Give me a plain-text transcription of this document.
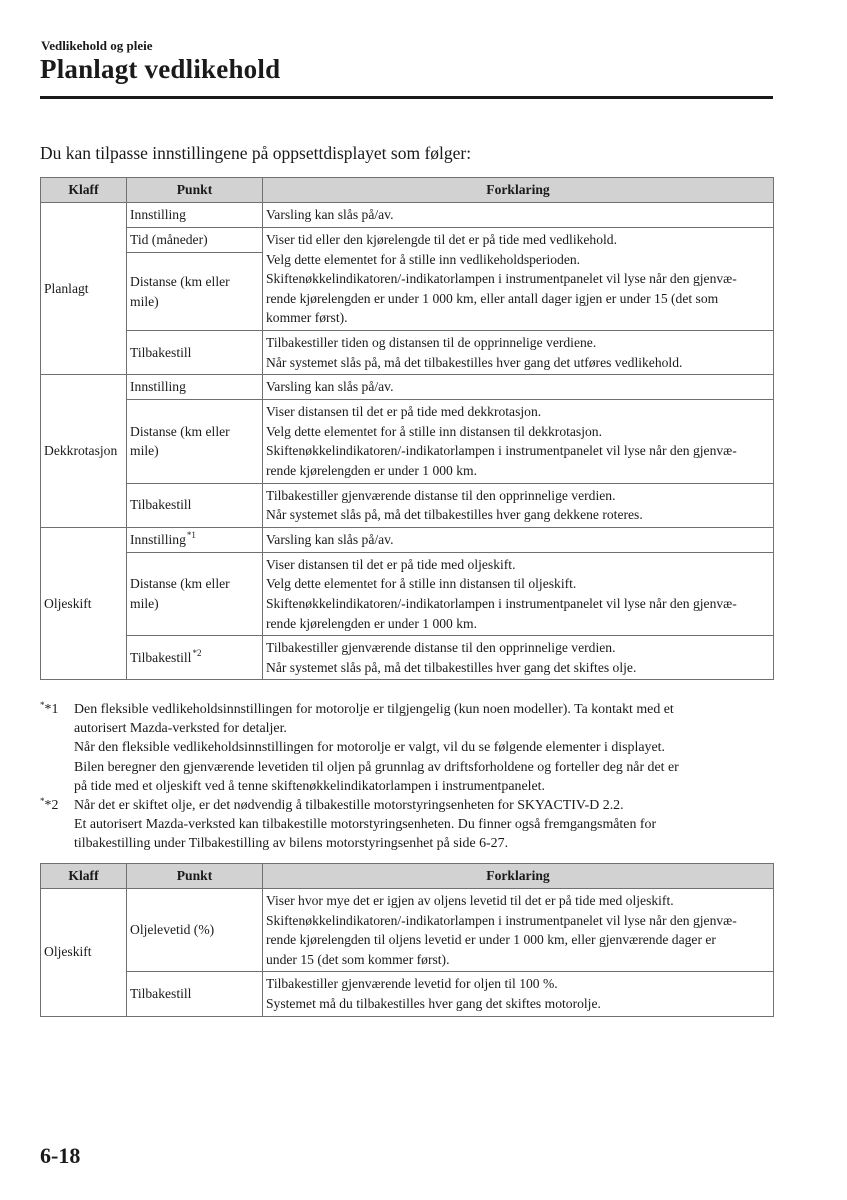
Vedlikehold og pleie
Planlagt vedlikehold
Du kan tilpasse innstillingene på oppsettdisplayet som følger:
Klaff	Punkt	Forklaring
Planlagt	Innstilling	Varsling kan slås på/av.

	Tid (måneder)	Viser tid eller den kjørelengde til det er på tide med vedlikehold.
Velg dette elementet for å stille inn vedlikeholdsperioden.
Skiftenøkkelindikatoren/-indikatorlampen i instrumentpanelet vil lyse når den gjenvæ-
rende kjørelengden er under 1 000 km, eller antall dager igjen er under 15 (det som
kommer først).

	Distanse (km eller
mile)	

	Tilbakestill	Tilbakestiller tiden og distansen til de opprinnelige verdiene.
Når systemet slås på, må det tilbakestilles hver gang det utføres vedlikehold.

Dekkrotasjon	Innstilling	Varsling kan slås på/av.

	Distanse (km eller
mile)	Viser distansen til det er på tide med dekkrotasjon.
Velg dette elementet for å stille inn distansen til dekkrotasjon.
Skiftenøkkelindikatoren/-indikatorlampen i instrumentpanelet vil lyse når den gjenvæ-
rende kjørelengden er under 1 000 km.

	Tilbakestill	Tilbakestiller gjenværende distanse til den opprinnelige verdien.
Når systemet slås på, må det tilbakestilles hver gang dekkene roteres.

Oljeskift	Innstilling$^{*1}$	Varsling kan slås på/av.

	Distanse (km eller
mile)	Viser distansen til det er på tide med oljeskift.
Velg dette elementet for å stille inn distansen til oljeskift.
Skiftenøkkelindikatoren/-indikatorlampen i instrumentpanelet vil lyse når den gjenvæ-
rende kjørelengden er under 1 000 km.

	Tilbakestill$^{*2}$	Tilbakestiller gjenværende distanse til den opprinnelige verdien.
Når systemet slås på, må det tilbakestilles hver gang det skiftes olje.
**1 Den fleksible vedlikeholdsinnstillingen for motorolje er tilgjengelig (kun noen modeller). Ta kontakt med et
autorisert Mazda-verksted for detaljer.
Når den fleksible vedlikeholdsinnstillingen for motorolje er valgt, vil du se følgende elementer i displayet.
Bilen beregner den gjenværende levetiden til oljen på grunnlag av driftsforholdene og forteller deg når det er
på tide med et oljeskift ved å tenne skiftenøkkelindikatorlampen i instrumentpanelet.
**2 Når det er skiftet olje, er det nødvendig å tilbakestille motorstyringsenheten for SKYACTIV-D 2.2.
Et autorisert Mazda-verksted kan tilbakestille motorstyringsenheten. Du finner også fremgangsmåten for
tilbakestilling under Tilbakestilling av bilens motorstyringsenhet på side 6-27.
Klaff	Punkt	Forklaring
Oljeskift	Oljelevetid (%)	Viser hvor mye det er igjen av oljens levetid til det er på tide med oljeskift.
Skiftenøkkelindikatoren/-indikatorlampen i instrumentpanelet vil lyse når den gjenvæ-
rende kjørelengden til oljens levetid er under 1 000 km, eller gjenværende dager er
under 15 (det som kommer først).

	Tilbakestill	Tilbakestiller gjenværende levetid for oljen til 100 %.
Systemet må du tilbakestilles hver gang det skiftes motorolje.
6-18
